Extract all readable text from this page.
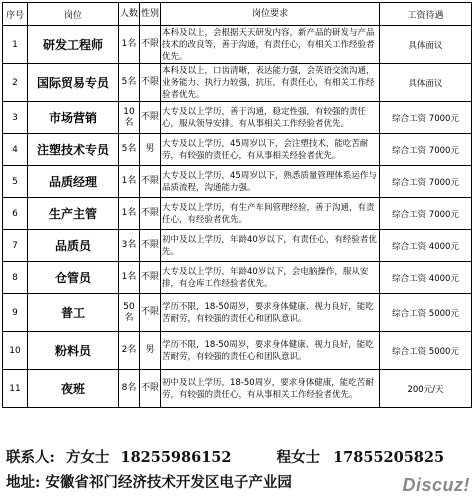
序号	岗位	人数	性别	岗位要求	工资待遇
1	研发工程师	1名	不限	本科及以上，会根据天天研发内容，新产品的研发与产品技术的改良等，善于沟通，有责任心，有相关工作经验者优先。	具体面议
2	国际贸易专员	5名	不限	本科及以上，口齿清晰，表达能力强，会英语交流沟通，业务能力、执行力较强，抗压，有责任心，有相关工作经验者优先。	具体面议
3	市场营销	10名	不限	大专及以上学历，善于沟通，稳定性强，有较强的责任心，服从领导安排。有从事相关工作经验者优先。	综合工资 7000元
4	注塑技术专员	5名	男	大专及以上学历，45周岁以下，会注塑技术，能吃苦耐劳，有较强的责任心，有从事相关经验者优先。	综合工资 7000元
5	品质经理	1名	不限	大专及以上学历，45周岁以下，熟悉质量管理体系运作与品质流程，沟通能力强。	综合工资 7000元
6	生产主管	1名	不限	大专及以上学历，有生产车间管理经验，善于沟通，有责任心，有经验者优先。	综合工资 7000元
7	品质员	3名	不限	初中及以上学历，年龄40岁以下，有责任心，有经验者优先。	综合工资 4000元
8	仓管员	1名	不限	大专及以上学历，年龄40岁以下，会电脑操作，服从安排，有仓库工作经验者优先。	综合工资 4000元
9	普工	50名	不限	学历不限，18-50周岁，要求身体健康、视力良好，能吃苦耐劳，有较强的责任心和团队意识。	综合工资 5000元
10	粉料员	2名	男	学历不限，18-50周岁，要求身体健康、视力良好，能吃苦耐劳，有较强的责任心和团队意识。	综合工资 5000元
11	夜班	8名	不限	初中及以上学历，18-50周岁，要求身体健康，能吃苦耐劳，有较强的责任心，有从事相关工作经验者优先。	200元/天
联系人: 方女士 18255986152	程女士 17855205825
地址: 安徽省祁门经济技术开发区电子产业园	Discuz!
